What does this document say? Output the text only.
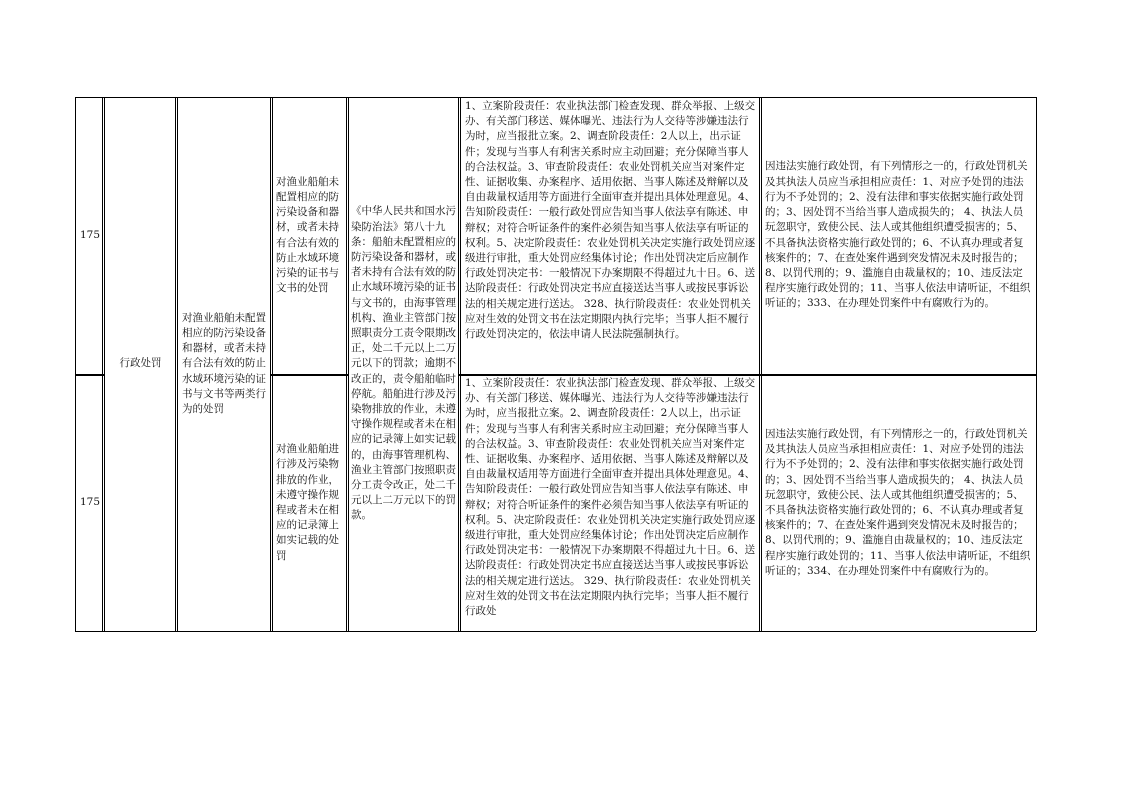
175
175
行政处罚
对渔业船舶未配置相应的防污染设备和器材，或者未持有合法有效的防止水域环境污染的证书与文书等两类行为的处罚
对渔业船舶未配置相应的防污染设备和器材，或者未持有合法有效的防止水域环境污染的证书与文书的处罚
对渔业船舶进行涉及污染物排放的作业，未遵守操作规程或者未在相应的记录簿上如实记载的处罚
《中华人民共和国水污染防治法》第八十九条：船舶未配置相应的防污染设备和器材，或者未持有合法有效的防止水域环境污染的证书与文书的，由海事管理机构、渔业主管部门按照职责分工责令限期改正，处二千元以上二万元以下的罚款；逾期不改正的，责令船舶临时停航。船舶进行涉及污染物排放的作业，未遵守操作规程或者未在相应的记录簿上如实记载的，由海事管理机构、渔业主管部门按照职责分工责令改正，处二千元以上二万元以下的罚款。
1、立案阶段责任：农业执法部门检查发现、群众举报、上级交办、有关部门移送、媒体曝光、违法行为人交待等涉嫌违法行为时，应当报批立案。2、调查阶段责任：2人以上，出示证件；发现与当事人有利害关系时应主动回避；充分保障当事人的合法权益。3、审查阶段责任：农业处罚机关应当对案件定性、证据收集、办案程序、适用依据、当事人陈述及辩解以及自由裁量权适用等方面进行全面审查并提出具体处理意见。4、告知阶段责任：一般行政处罚应告知当事人依法享有陈述、申辩权；对符合听证条件的案件必须告知当事人依法享有听证的权利。5、决定阶段责任：农业处罚机关决定实施行政处罚应逐级进行审批，重大处罚应经集体讨论；作出处罚决定后应制作行政处罚决定书：一般情况下办案期限不得超过九十日。6、送达阶段责任：行政处罚决定书应直接送达当事人或按民事诉讼法的相关规定进行送达。 328、执行阶段责任：农业处罚机关应对生效的处罚文书在法定期限内执行完毕；当事人拒不履行行政处罚决定的，依法申请人民法院强制执行。
1、立案阶段责任：农业执法部门检查发现、群众举报、上级交办、有关部门移送、媒体曝光、违法行为人交待等涉嫌违法行为时，应当报批立案。2、调查阶段责任：2人以上，出示证件；发现与当事人有利害关系时应主动回避；充分保障当事人的合法权益。3、审查阶段责任：农业处罚机关应当对案件定性、证据收集、办案程序、适用依据、当事人陈述及辩解以及自由裁量权适用等方面进行全面审查并提出具体处理意见。4、告知阶段责任：一般行政处罚应告知当事人依法享有陈述、申辩权；对符合听证条件的案件必须告知当事人依法享有听证的权利。5、决定阶段责任：农业处罚机关决定实施行政处罚应逐级进行审批，重大处罚应经集体讨论；作出处罚决定后应制作行政处罚决定书：一般情况下办案期限不得超过九十日。6、送达阶段责任：行政处罚决定书应直接送达当事人或按民事诉讼法的相关规定进行送达。 329、执行阶段责任：农业处罚机关应对生效的处罚文书在法定期限内执行完毕；当事人拒不履行行政处
因违法实施行政处罚，有下列情形之一的，行政处罚机关及其执法人员应当承担相应责任：1、对应予处罚的违法行为不予处罚的；2、没有法律和事实依据实施行政处罚的；3、因处罚不当给当事人造成损失的； 4、执法人员玩忽职守，致使公民、法人或其他组织遭受损害的；5、不具备执法资格实施行政处罚的；6、不认真办理或者复核案件的；7、在查处案件遇到突发情况未及时报告的；8、以罚代刑的；9、滥施自由裁量权的；10、违反法定程序实施行政处罚的；11、当事人依法申请听证，不组织听证的；333、在办理处罚案件中有腐败行为的。
因违法实施行政处罚，有下列情形之一的，行政处罚机关及其执法人员应当承担相应责任：1、对应予处罚的违法行为不予处罚的；2、没有法律和事实依据实施行政处罚的；3、因处罚不当给当事人造成损失的； 4、执法人员玩忽职守，致使公民、法人或其他组织遭受损害的；5、不具备执法资格实施行政处罚的；6、不认真办理或者复核案件的；7、在查处案件遇到突发情况未及时报告的；8、以罚代刑的；9、滥施自由裁量权的；10、违反法定程序实施行政处罚的；11、当事人依法申请听证，不组织听证的；334、在办理处罚案件中有腐败行为的。
